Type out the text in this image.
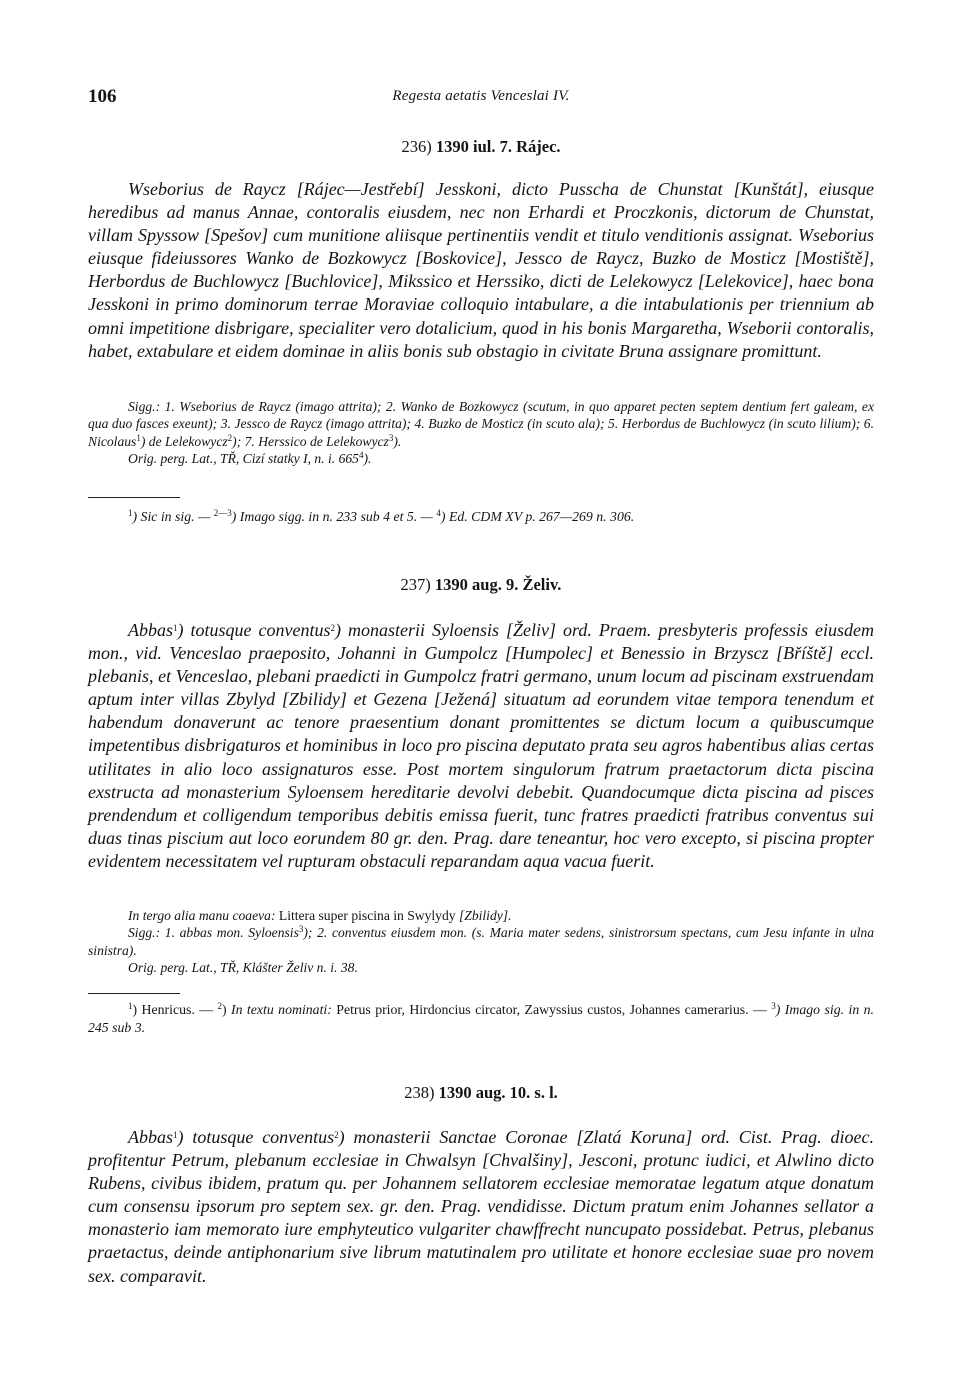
106	Regesta aetatis Venceslai IV.
236) 1390 iul. 7. Rájec.

Wseborius de Raycz [Rájec—Jestřebí] Jesskoni, dicto Pusscha de Chunstat [Kunštát], eiusque heredibus ad manus Annae, contoralis eiusdem, nec non Erhardi et Proczkonis, dictorum de Chunstat, villam Spyssow [Spešov] cum munitione aliisque pertinentiis vendit et titulo venditionis assignat. Wseborius eiusque fideiussores Wanko de Bozkowycz [Boskovice], Jessco de Raycz, Buzko de Mosticz [Mostiště], Herbordus de Buchlowycz [Buchlovice], Mikssico et Herssiko, dicti de Lelekowycz [Lelekovice], haec bona Jesskoni in primo dominorum terrae Moraviae colloquio intabulare, a die intabulationis per triennium ab omni impetitione disbrigare, specialiter vero dotalicium, quod in his bonis Margaretha, Wseborii contoralis, habet, extabulare et eidem dominae in aliis bonis sub obstagio in civitate Bruna assignare promittunt.

Sigg.: 1. Wseborius de Raycz (imago attrita); 2. Wanko de Bozkowycz (scutum, in quo apparet pecten septem dentium fert galeam, ex qua duo fasces exeunt); 3. Jessco de Raycz (imago attrita); 4. Buzko de Mosticz (in scuto ala); 5. Herbordus de Buchlowycz (in scuto lilium); 6. Nicolaus$^1$) de Lelekowycz$^2$); 7. Herssico de Lelekowycz$^3$).

Orig. perg. Lat., TŘ, Cizí statky I, n. i. $665^4$).

$^1$) Sic in sig. — $^{2—3}$) Imago sigg. in n. 233 sub 4 et 5. — $^4$) Ed. CDM XV p. 267—269 n. 306.
237) 1390 aug. 9. Želiv.

Abbas$^1$) totusque conventus$^2$) monasterii Syloensis [Želiv] ord. Praem. presbyteris professis eiusdem mon., vid. Venceslao praeposito, Johanni in Gumpolcz [Humpolec] et Benessio in Brzyscz [Bříště] eccl. plebanis, et Venceslao, plebani praedicti in Gumpolcz fratri germano, unum locum ad piscinam exstruendam aptum inter villas Zbylyd [Zbilidy] et Gezena [Ježená] situatum ad eorundem vitae tempora tenendum et habendum donaverunt ac tenore praesentium donant promittentes se dictum locum a quibuscumque impetentibus disbrigaturos et hominibus in loco pro piscina deputato prata seu agros habentibus alias certas utilitates in alio loco assignaturos esse. Post mortem singulorum fratrum praetactorum dicta piscina exstructa ad monasterium Syloensem hereditarie devolvi debebit. Quandocumque dicta piscina ad pisces prendendum et colligendum temporibus debitis emissa fuerit, tunc fratres praedicti fratribus conventus sui duas tinas piscium aut loco eorundem 80 gr. den. Prag. dare teneantur, hoc vero excepto, si piscina propter evidentem necessitatem vel rupturam obstaculi reparandam aqua vacua fuerit.

In tergo alia manu coaeva: Littera super piscina in Swylydy [Zbilidy].

Sigg.: 1. abbas mon. Syloensis$^3$); 2. conventus eiusdem mon. (s. Maria mater sedens, sinistrorsum spectans, cum Jesu infante in ulna sinistra).

Orig. perg. Lat., TŘ, Klášter Želiv n. i. 38.

$^1$) Henricus. — $^2$) In textu nominati: Petrus prior, Hirdoncius circator, Zawyssius custos, Johannes camerarius. — $^3$) Imago sig. in n. 245 sub 3.
238) 1390 aug. 10. s. l.

Abbas$^1$) totusque conventus$^2$) monasterii Sanctae Coronae [Zlatá Koruna] ord. Cist. Prag. dioec. profitentur Petrum, plebanum ecclesiae in Chwalsyn [Chvalšiny], Jesconi, protunc iudici, et Alwlino dicto Rubens, civibus ibidem, pratum qu. per Johannem sellatorem ecclesiae memoratae legatum atque donatum cum consensu ipsorum pro septem sex. gr. den. Prag. vendidisse. Dictum pratum enim Johannes sellator a monasterio iam memorato iure emphyteutico vulgariter chawffrecht nuncupato possidebat. Petrus, plebanus praetactus, deinde antiphonarium sive librum matutinalem pro utilitate et honore ecclesiae suae pro novem sex. comparavit.
